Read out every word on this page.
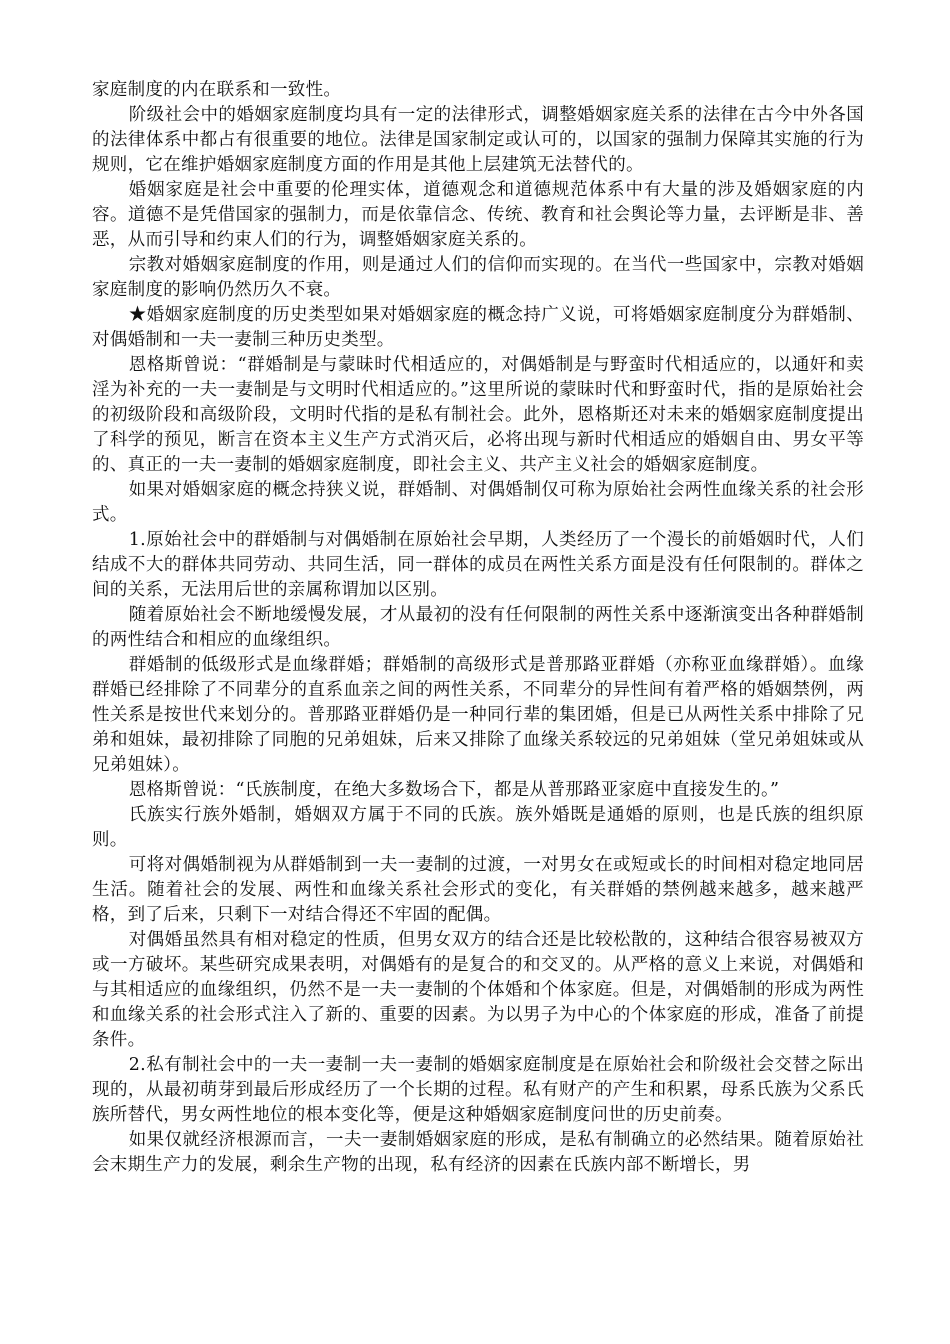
家庭制度的内在联系和一致性。

阶级社会中的婚姻家庭制度均具有一定的法律形式，调整婚姻家庭关系的法律在古今中外各国的法律体系中都占有很重要的地位。法律是国家制定或认可的，以国家的强制力保障其实施的行为规则，它在维护婚姻家庭制度方面的作用是其他上层建筑无法替代的。

婚姻家庭是社会中重要的伦理实体，道德观念和道德规范体系中有大量的涉及婚姻家庭的内容。道德不是凭借国家的强制力，而是依靠信念、传统、教育和社会舆论等力量，去评断是非、善恶，从而引导和约束人们的行为，调整婚姻家庭关系的。

宗教对婚姻家庭制度的作用，则是通过人们的信仰而实现的。在当代一些国家中，宗教对婚姻家庭制度的影响仍然历久不衰。

★婚姻家庭制度的历史类型如果对婚姻家庭的概念持广义说，可将婚姻家庭制度分为群婚制、对偶婚制和一夫一妻制三种历史类型。

恩格斯曾说：“群婚制是与蒙昧时代相适应的，对偶婚制是与野蛮时代相适应的，以通奸和卖淫为补充的一夫一妻制是与文明时代相适应的。”这里所说的蒙昧时代和野蛮时代，指的是原始社会的初级阶段和高级阶段，文明时代指的是私有制社会。此外，恩格斯还对未来的婚姻家庭制度提出了科学的预见，断言在资本主义生产方式消灭后，必将出现与新时代相适应的婚姻自由、男女平等的、真正的一夫一妻制的婚姻家庭制度，即社会主义、共产主义社会的婚姻家庭制度。

如果对婚姻家庭的概念持狭义说，群婚制、对偶婚制仅可称为原始社会两性血缘关系的社会形式。

1.原始社会中的群婚制与对偶婚制在原始社会早期，人类经历了一个漫长的前婚姻时代，人们结成不大的群体共同劳动、共同生活，同一群体的成员在两性关系方面是没有任何限制的。群体之间的关系，无法用后世的亲属称谓加以区别。

随着原始社会不断地缓慢发展，才从最初的没有任何限制的两性关系中逐渐演变出各种群婚制的两性结合和相应的血缘组织。

群婚制的低级形式是血缘群婚；群婚制的高级形式是普那路亚群婚（亦称亚血缘群婚）。血缘群婚已经排除了不同辈分的直系血亲之间的两性关系，不同辈分的异性间有着严格的婚姻禁例，两性关系是按世代来划分的。普那路亚群婚仍是一种同行辈的集团婚，但是已从两性关系中排除了兄弟和姐妹，最初排除了同胞的兄弟姐妹，后来又排除了血缘关系较远的兄弟姐妹（堂兄弟姐妹或从兄弟姐妹）。

恩格斯曾说：“氏族制度，在绝大多数场合下，都是从普那路亚家庭中直接发生的。”

氏族实行族外婚制，婚姻双方属于不同的氏族。族外婚既是通婚的原则，也是氏族的组织原则。

可将对偶婚制视为从群婚制到一夫一妻制的过渡，一对男女在或短或长的时间相对稳定地同居生活。随着社会的发展、两性和血缘关系社会形式的变化，有关群婚的禁例越来越多，越来越严格，到了后来，只剩下一对结合得还不牢固的配偶。

对偶婚虽然具有相对稳定的性质，但男女双方的结合还是比较松散的，这种结合很容易被双方或一方破坏。某些研究成果表明，对偶婚有的是复合的和交叉的。从严格的意义上来说，对偶婚和与其相适应的血缘组织，仍然不是一夫一妻制的个体婚和个体家庭。但是，对偶婚制的形成为两性和血缘关系的社会形式注入了新的、重要的因素。为以男子为中心的个体家庭的形成，准备了前提条件。

2.私有制社会中的一夫一妻制一夫一妻制的婚姻家庭制度是在原始社会和阶级社会交替之际出现的，从最初萌芽到最后形成经历了一个长期的过程。私有财产的产生和积累，母系氏族为父系氏族所替代，男女两性地位的根本变化等，便是这种婚姻家庭制度问世的历史前奏。

如果仅就经济根源而言，一夫一妻制婚姻家庭的形成，是私有制确立的必然结果。随着原始社会末期生产力的发展，剩余生产物的出现，私有经济的因素在氏族内部不断增长，男
